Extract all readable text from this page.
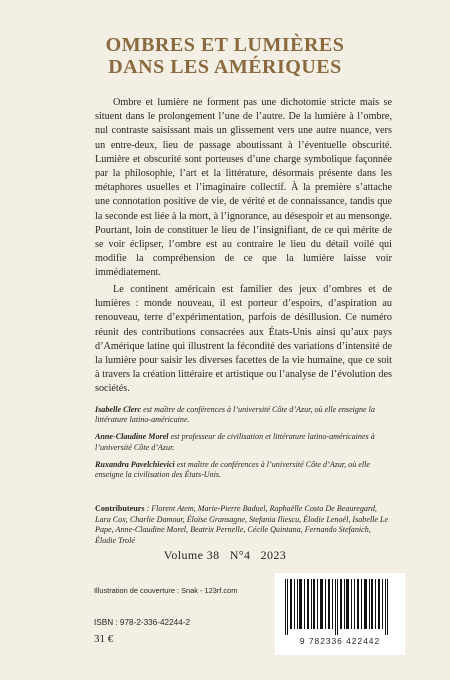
OMBRES ET LUMIÈRES
DANS LES AMÉRIQUES
Ombre et lumière ne forment pas une dichotomie stricte mais se situent dans le prolongement l’une de l’autre. De la lumière à l’ombre, nul contraste saisissant mais un glissement vers une autre nuance, vers un entre-deux, lieu de passage aboutissant à l’éventuelle obscurité. Lumière et obscurité sont porteuses d’une charge symbolique façonnée par la philosophie, l’art et la littérature, désormais présente dans les métaphores usuelles et l’imaginaire collectif. À la première s’attache une connotation positive de vie, de vérité et de connaissance, tandis que la seconde est liée à la mort, à l’ignorance, au désespoir et au mensonge. Pourtant, loin de constituer le lieu de l’insignifiant, de ce qui mérite de se voir éclipser, l’ombre est au contraire le lieu du détail voilé qui modifie la compréhension de ce que la lumière laisse voir immédiatement.
Le continent américain est familier des jeux d’ombres et de lumières : monde nouveau, il est porteur d’espoirs, d’aspiration au renouveau, terre d’expérimentation, parfois de désillusion. Ce numéro réunit des contributions consacrées aux États-Unis ainsi qu’aux pays d’Amérique latine qui illustrent la fécondité des variations d’intensité de la lumière pour saisir les diverses facettes de la vie humaine, que ce soit à travers la création littéraire et artistique ou l’analyse de l’évolution des sociétés.
Isabelle Clerc est maître de conférences à l’université Côte d’Azur, où elle enseigne la littérature latino-américaine.
Anne-Claudine Morel est professeur de civilisation et littérature latino-américaines à l’université Côte d’Azur.
Ruxandra Pavelchievici est maître de conférences à l’université Côte d’Azur, où elle enseigne la civilisation des États-Unis.
Contributeurs : Florent Atem, Marie-Pierre Baduel, Raphaëlle Costa De Beauregard, Lara Cox, Charlie Damour, Éloïse Gransagne, Stefania Iliescu, Élodie Lenoël, Isabelle Le Pape, Anne-Claudine Morel, Beatrix Pernelle, Cécile Quintana, Fernando Stefanich, Élodie Trolé
Volume 38   N°4   2023
Illustration de couverture : Snak - 123rf.com
ISBN : 978-2-336-42244-2
31 €	9 782336 422442
